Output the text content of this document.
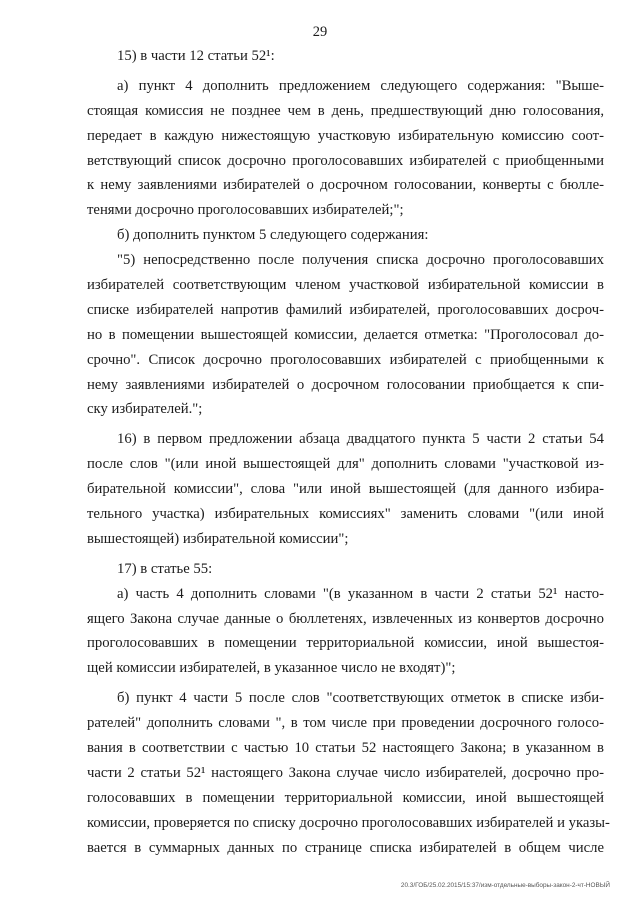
29
15) в части 12 статьи 52¹:
а) пункт 4 дополнить предложением следующего содержания: "Выше-
стоящая комиссия не позднее чем в день, предшествующий дню голосования,
передает в каждую нижестоящую участковую избирательную комиссию соот-
ветствующий список досрочно проголосовавших избирателей с приобщенными
к нему заявлениями избирателей о досрочном голосовании, конверты с бюлле-
тенями досрочно проголосовавших избирателей;";
б) дополнить пунктом 5 следующего содержания:
"5) непосредственно после получения списка досрочно проголосовавших
избирателей соответствующим членом участковой избирательной комиссии в
списке избирателей напротив фамилий избирателей, проголосовавших досроч-
но в помещении вышестоящей комиссии, делается отметка: "Проголосовал до-
срочно". Список досрочно проголосовавших избирателей с приобщенными к
нему заявлениями избирателей о досрочном голосовании приобщается к спи-
ску избирателей.";
16) в первом предложении абзаца двадцатого пункта 5 части 2 статьи 54
после слов "(или иной вышестоящей для" дополнить словами "участковой из-
бирательной комиссии", слова "или иной вышестоящей (для данного избира-
тельного участка) избирательных комиссиях" заменить словами "(или иной
вышестоящей) избирательной комиссии";
17) в статье 55:
а) часть 4 дополнить словами "(в указанном в части 2 статьи 52¹ насто-
ящего Закона случае данные о бюллетенях, извлеченных из конвертов досрочно
проголосовавших в помещении территориальной комиссии, иной вышестоя-
щей комиссии избирателей, в указанное число не входят)";
б) пункт 4 части 5 после слов "соответствующих отметок в списке изби-
рателей" дополнить словами ", в том числе при проведении досрочного голосо-
вания в соответствии с частью 10 статьи 52 настоящего Закона; в указанном в
части 2 статьи 52¹ настоящего Закона случае число избирателей, досрочно про-
голосовавших в помещении территориальной комиссии, иной вышестоящей
комиссии, проверяется по списку досрочно проголосовавших избирателей и указы-
вается в суммарных данных по странице списка избирателей в общем числе
20.3/ГОБ/25.02.2015/15:37/изм-отдельные-выборы-закон-2-чт-НОВЫЙ
